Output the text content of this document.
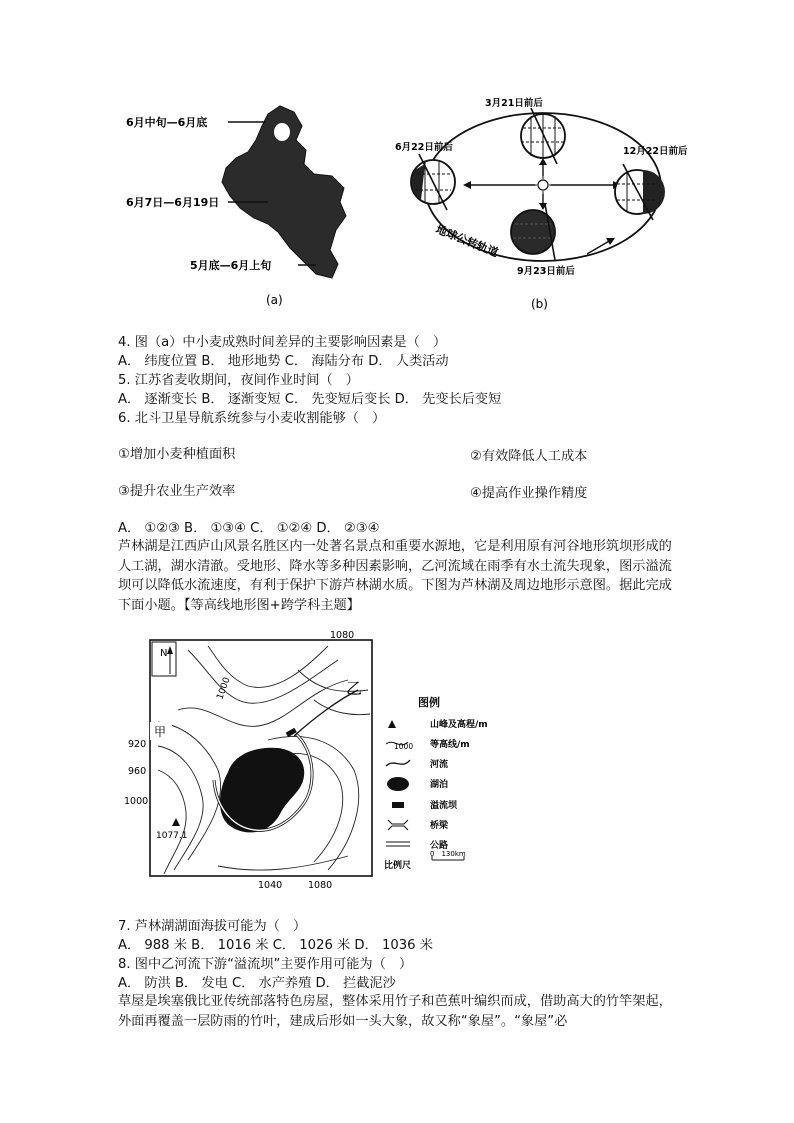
6月中旬—6月底
6月7日—6月19日
5月底—6月上旬
(a)
3月21日前后
6月22日前后	12月22日前后
9月23日前后
地球公转轨道
(b)
4. 图（a）中小麦成熟时间差异的主要影响因素是（　）
A． 纬度位置 B． 地形地势 C． 海陆分布 D． 人类活动
5. 江苏省麦收期间，夜间作业时间（　）
A． 逐渐变长 B． 逐渐变短 C． 先变短后变长 D． 先变长后变短
6. 北斗卫星导航系统参与小麦收割能够（　）
①增加小麦种植面积	②有效降低人工成本
③提升农业生产效率	④提高作业操作精度
A． ①②③ B． ①③④ C． ①②④ D． ②③④
芦林湖是江西庐山风景名胜区内一处著名景点和重要水源地，它是利用原有河谷地形筑坝形成的人工湖，湖水清澈。受地形、降水等多种因素影响，乙河流域在雨季有水土流失现象，图示溢流坝可以降低水流速度，有利于保护下游芦林湖水质。下图为芦林湖及周边地形示意图。据此完成下面小题。【等高线地形图+跨学科主题】
N
1080
1000	乙
甲
920
960
1000
1077.1
1040	1080
图例
山峰及高程/m
1000 等高线/m
河流
湖泊
溢流坝
桥梁
公路
比例尺
0　130km
7. 芦林湖湖面海拔可能为（　）
A． 988 米 B． 1016 米 C． 1026 米 D． 1036 米
8. 图中乙河流下游“溢流坝”主要作用可能为（　）
A． 防洪 B． 发电 C． 水产养殖 D． 拦截泥沙
草屋是埃塞俄比亚传统部落特色房屋，整体采用竹子和芭蕉叶编织而成，借助高大的竹竿架起，外面再覆盖一层防雨的竹叶，建成后形如一头大象，故又称“象屋”。“象屋”必
